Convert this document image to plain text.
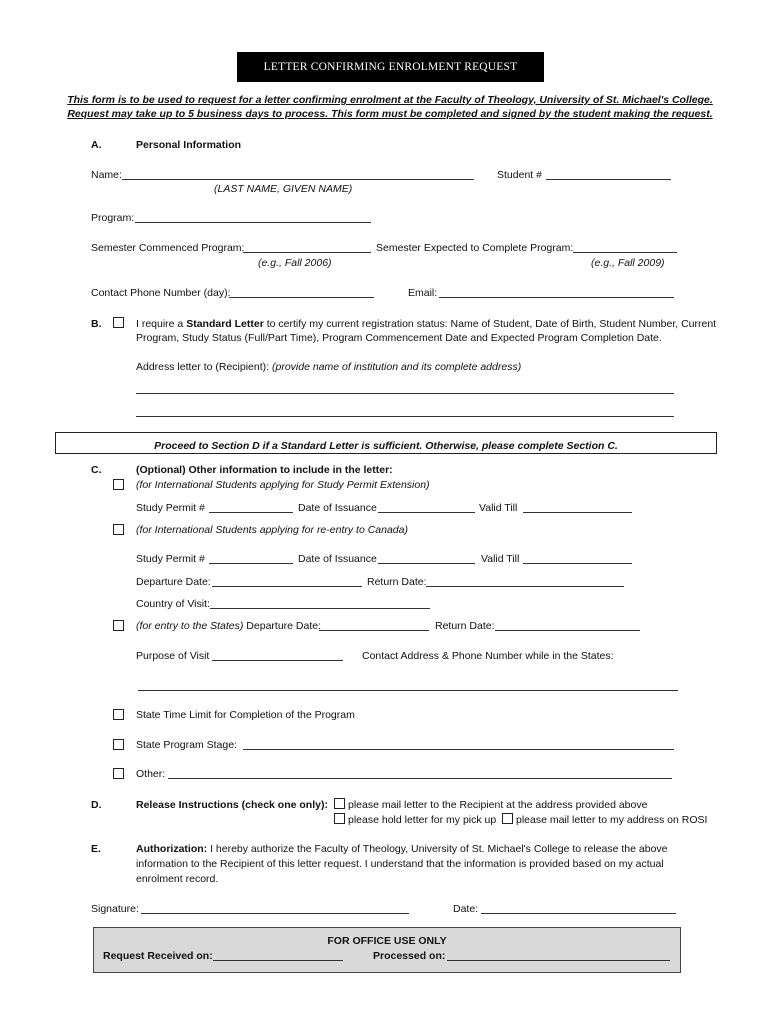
LETTER CONFIRMING ENROLMENT REQUEST
This form is to be used to request for a letter confirming enrolment at the Faculty of Theology, University of St. Michael's College.
Request may take up to 5 business days to process. This form must be completed and signed by the student making the request.
A.	Personal Information
Name:
(LAST NAME, GIVEN NAME)
Student #
Program:
Semester Commenced Program:
(e.g., Fall 2006)
Semester Expected to Complete Program:
(e.g., Fall 2009)
Contact Phone Number (day):	Email:
B.	I require a Standard Letter to certify my current registration status: Name of Student, Date of Birth, Student Number, Current
Program, Study Status (Full/Part Time), Program Commencement Date and Expected Program Completion Date.
Address letter to (Recipient): (provide name of institution and its complete address)
Proceed to Section D if a Standard Letter is sufficient. Otherwise, please complete Section C.
C.	(Optional) Other information to include in the letter:
(for International Students applying for Study Permit Extension)
Study Permit #	Date of Issuance	Valid Till
(for International Students applying for re-entry to Canada)
Study Permit #	Date of Issuance	Valid Till
Departure Date:	Return Date:
Country of Visit:
(for entry to the States) Departure Date:	Return Date:
Purpose of Visit	Contact Address & Phone Number while in the States:
State Time Limit for Completion of the Program
State Program Stage:
Other:
D.	Release Instructions (check one only): please mail letter to the Recipient at the address provided above
please hold letter for my pick up please mail letter to my address on ROSI
E.	Authorization: I hereby authorize the Faculty of Theology, University of St. Michael's College to release the above
information to the Recipient of this letter request. I understand that the information is provided based on my actual
enrolment record.
Signature:	Date:
FOR OFFICE USE ONLY
Request Received on:	Processed on:
